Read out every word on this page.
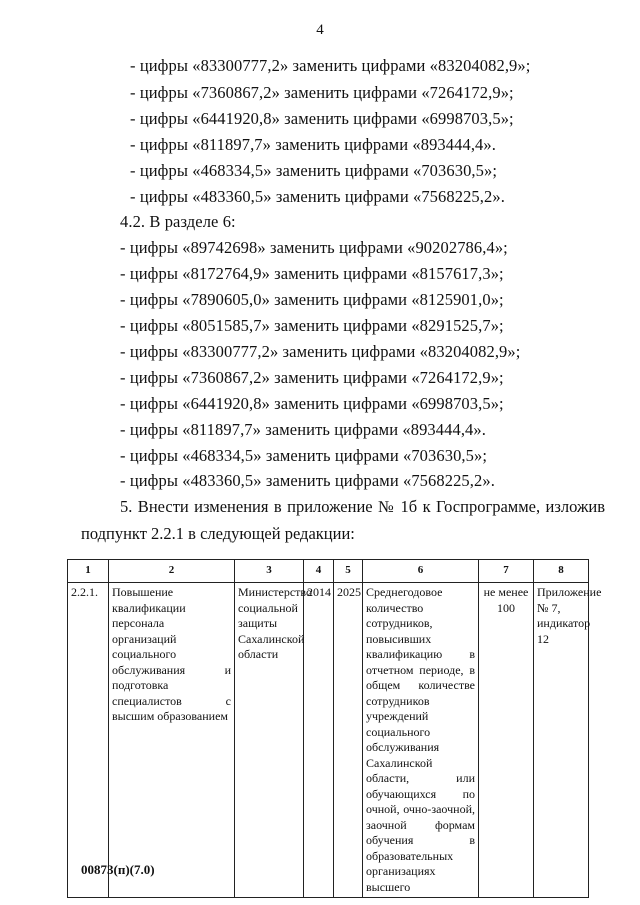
4
- цифры «83300777,2» заменить цифрами «83204082,9»;
- цифры «7360867,2» заменить цифрами «7264172,9»;
- цифры «6441920,8» заменить цифрами «6998703,5»;
- цифры «811897,7» заменить цифрами «893444,4».
- цифры «468334,5» заменить цифрами «703630,5»;
- цифры «483360,5» заменить цифрами «7568225,2».
4.2. В разделе 6:
- цифры «89742698» заменить цифрами «90202786,4»;
- цифры «8172764,9» заменить цифрами «8157617,3»;
- цифры «7890605,0» заменить цифрами «8125901,0»;
- цифры «8051585,7» заменить цифрами «8291525,7»;
- цифры «83300777,2» заменить цифрами «83204082,9»;
- цифры «7360867,2» заменить цифрами «7264172,9»;
- цифры «6441920,8» заменить цифрами «6998703,5»;
- цифры «811897,7» заменить цифрами «893444,4».
- цифры «468334,5» заменить цифрами «703630,5»;
- цифры «483360,5» заменить цифрами «7568225,2».
5. Внести изменения в приложение № 1б к Госпрограмме, изложив
подпункт 2.2.1 в следующей редакции:
1	2	3	4	5	6	7	8
2.2.1.	Повышение квалификации персонала организаций социального обслуживания и подготовка специалистов с высшим образованием	Министерство социальной защиты Сахалинской области	2014	2025	Среднегодовое количество сотрудников, повысивших квалификацию в отчетном периоде, в общем количестве сотрудников учреждений социального обслуживания Сахалинской области, или обучающихся по очной, очно-заочной, заочной формам обучения в образовательных организациях высшего	не менее 100	Приложение № 7, индикатор 12
00873(п)(7.0)
